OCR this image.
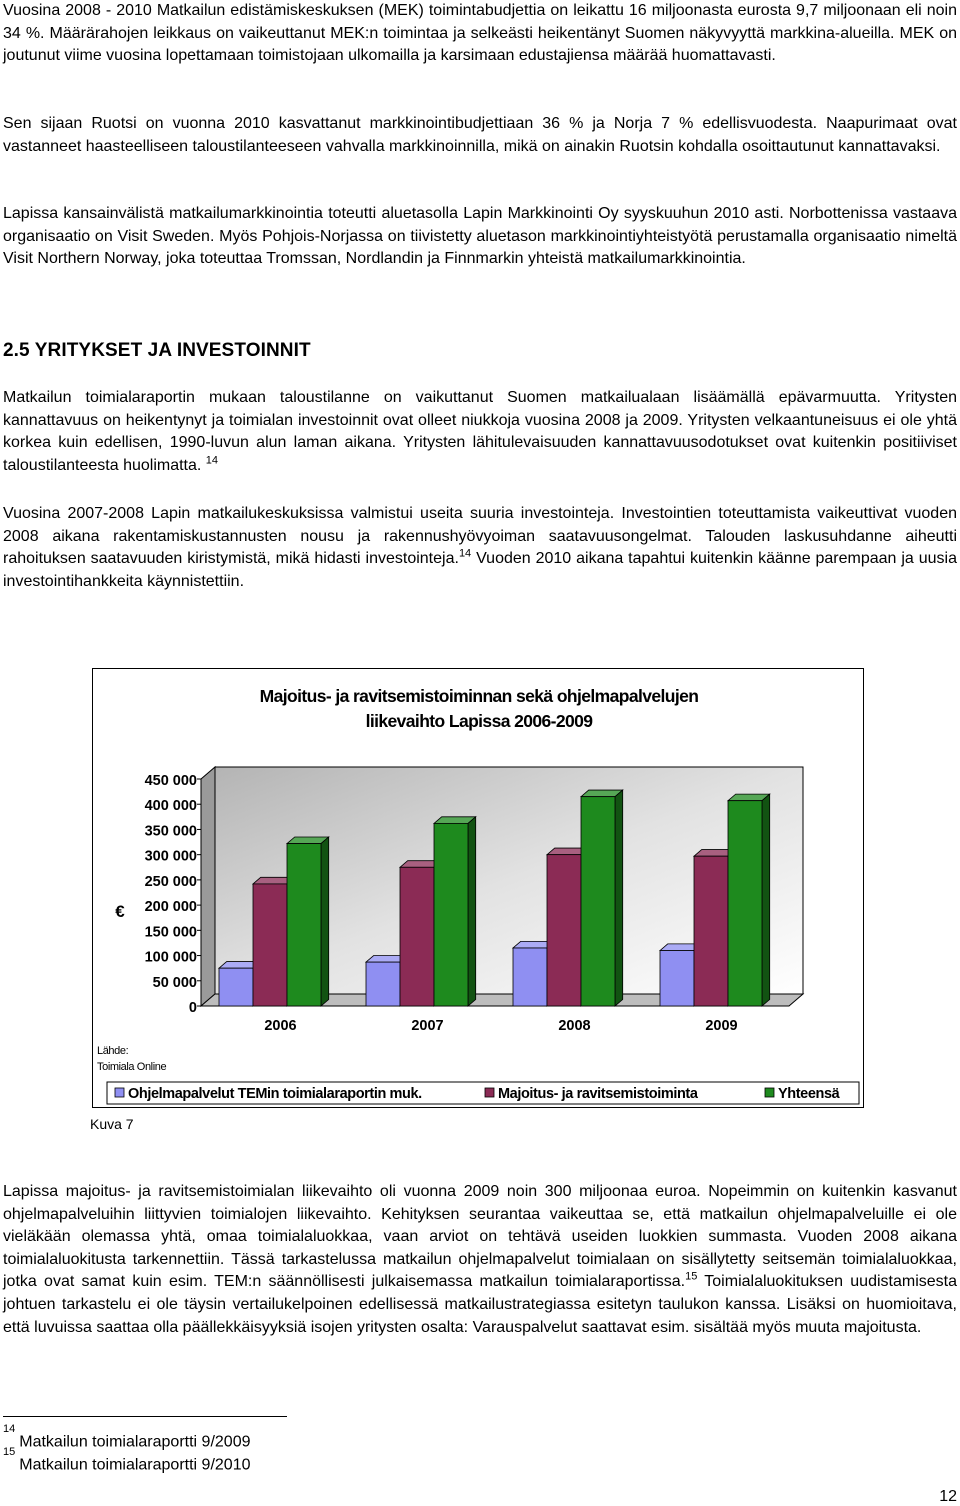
Vuosina 2008 - 2010 Matkailun edistämiskeskuksen (MEK) toimintabudjettia on leikattu 16 miljoonasta eurosta 9,7 miljoonaan eli noin 34 %. Määrärahojen leikkaus on vaikeuttanut MEK:n toimintaa ja selkeästi heikentänyt Suomen näkyvyyttä markkina-alueilla. MEK on joutunut viime vuosina lopettamaan toimistojaan ulkomailla ja karsimaan edustajiensa määrää huomattavasti.

Sen sijaan Ruotsi on vuonna 2010 kasvattanut markkinointibudjettiaan 36 % ja Norja 7 % edellisvuodesta. Naapurimaat ovat vastanneet haasteelliseen taloustilanteeseen vahvalla markkinoinnilla, mikä on ainakin Ruotsin kohdalla osoittautunut kannattavaksi.

Lapissa kansainvälistä matkailumarkkinointia toteutti aluetasolla Lapin Markkinointi Oy syyskuuhun 2010 asti. Norbottenissa vastaava organisaatio on Visit Sweden. Myös Pohjois-Norjassa on tiivistetty aluetason markkinointiyhteistyötä perustamalla organisaatio nimeltä Visit Northern Norway, joka toteuttaa Tromssan, Nordlandin ja Finnmarkin yhteistä matkailumarkkinointia.

2.5 YRITYKSET JA INVESTOINNIT

Matkailun toimialaraportin mukaan taloustilanne on vaikuttanut Suomen matkailualaan lisäämällä epävarmuutta. Yritysten kannattavuus on heikentynyt ja toimialan investoinnit ovat olleet niukkoja vuosina 2008 ja 2009. Yritysten velkaantuneisuus ei ole yhtä korkea kuin edellisen, 1990-luvun alun laman aikana. Yritysten lähitulevaisuuden kannattavuusodotukset ovat kuitenkin positiiviset taloustilanteesta huolimatta. $^{14}$

Vuosina 2007-2008 Lapin matkailukeskuksissa valmistui useita suuria investointeja. Investointien toteuttamista vaikeuttivat vuoden 2008 aikana rakentamiskustannusten nousu ja rakennushyövyoiman saatavuusongelmat. Talouden laskusuhdanne aiheutti rahoituksen saatavuuden kiristymistä, mikä hidasti investointeja.$^{14}$ Vuoden 2010 aikana tapahtui kuitenkin käänne parempaan ja uusia investointihankkeita käynnistettiin.

Majoitus- ja ravitsemistoiminnan sekä ohjelmapalvelujen
liikevaihto Lapissa 2006-2009
€
Lähde:
Toimiala Online
0
50 000
100 000
150 000
200 000
250 000
300 000
350 000
400 000
450 000
2006	2007	2008	2009
Ohjelmapalvelut TEMin toimialaraportin muk.	Majoitus- ja ravitsemistoiminta	Yhteensä

Kuva 7

Lapissa majoitus- ja ravitsemistoimialan liikevaihto oli vuonna 2009 noin 300 miljoonaa euroa. Nopeimmin on kuitenkin kasvanut ohjelmapalveluihin liittyvien toimialojen liikevaihto. Kehityksen seurantaa vaikeuttaa se, että matkailun ohjelmapalveluille ei ole vieläkään olemassa yhtä, omaa toimialaluokkaa, vaan arviot on tehtävä useiden luokkien summasta. Vuoden 2008 aikana toimialaluokitusta tarkennettiin. Tässä tarkastelussa matkailun ohjelmapalvelut toimialaan on sisällytetty seitsemän toimialaluokkaa, jotka ovat samat kuin esim. TEM:n säännöllisesti julkaisemassa matkailun toimialaraportissa.$^{15}$ Toimialaluokituksen uudistamisesta johtuen tarkastelu ei ole täysin vertailukelpoinen edellisessä matkailustrategiassa esitetyn taulukon kanssa. Lisäksi on huomioitava, että luvuissa saattaa olla päällekkäisyyksiä isojen yritysten osalta: Varauspalvelut saattavat esim. sisältää myös muuta majoitusta.

$^{14}$Matkailun toimialaraportti 9/2009

$^{15}$Matkailun toimialaraportti 9/2010

12
